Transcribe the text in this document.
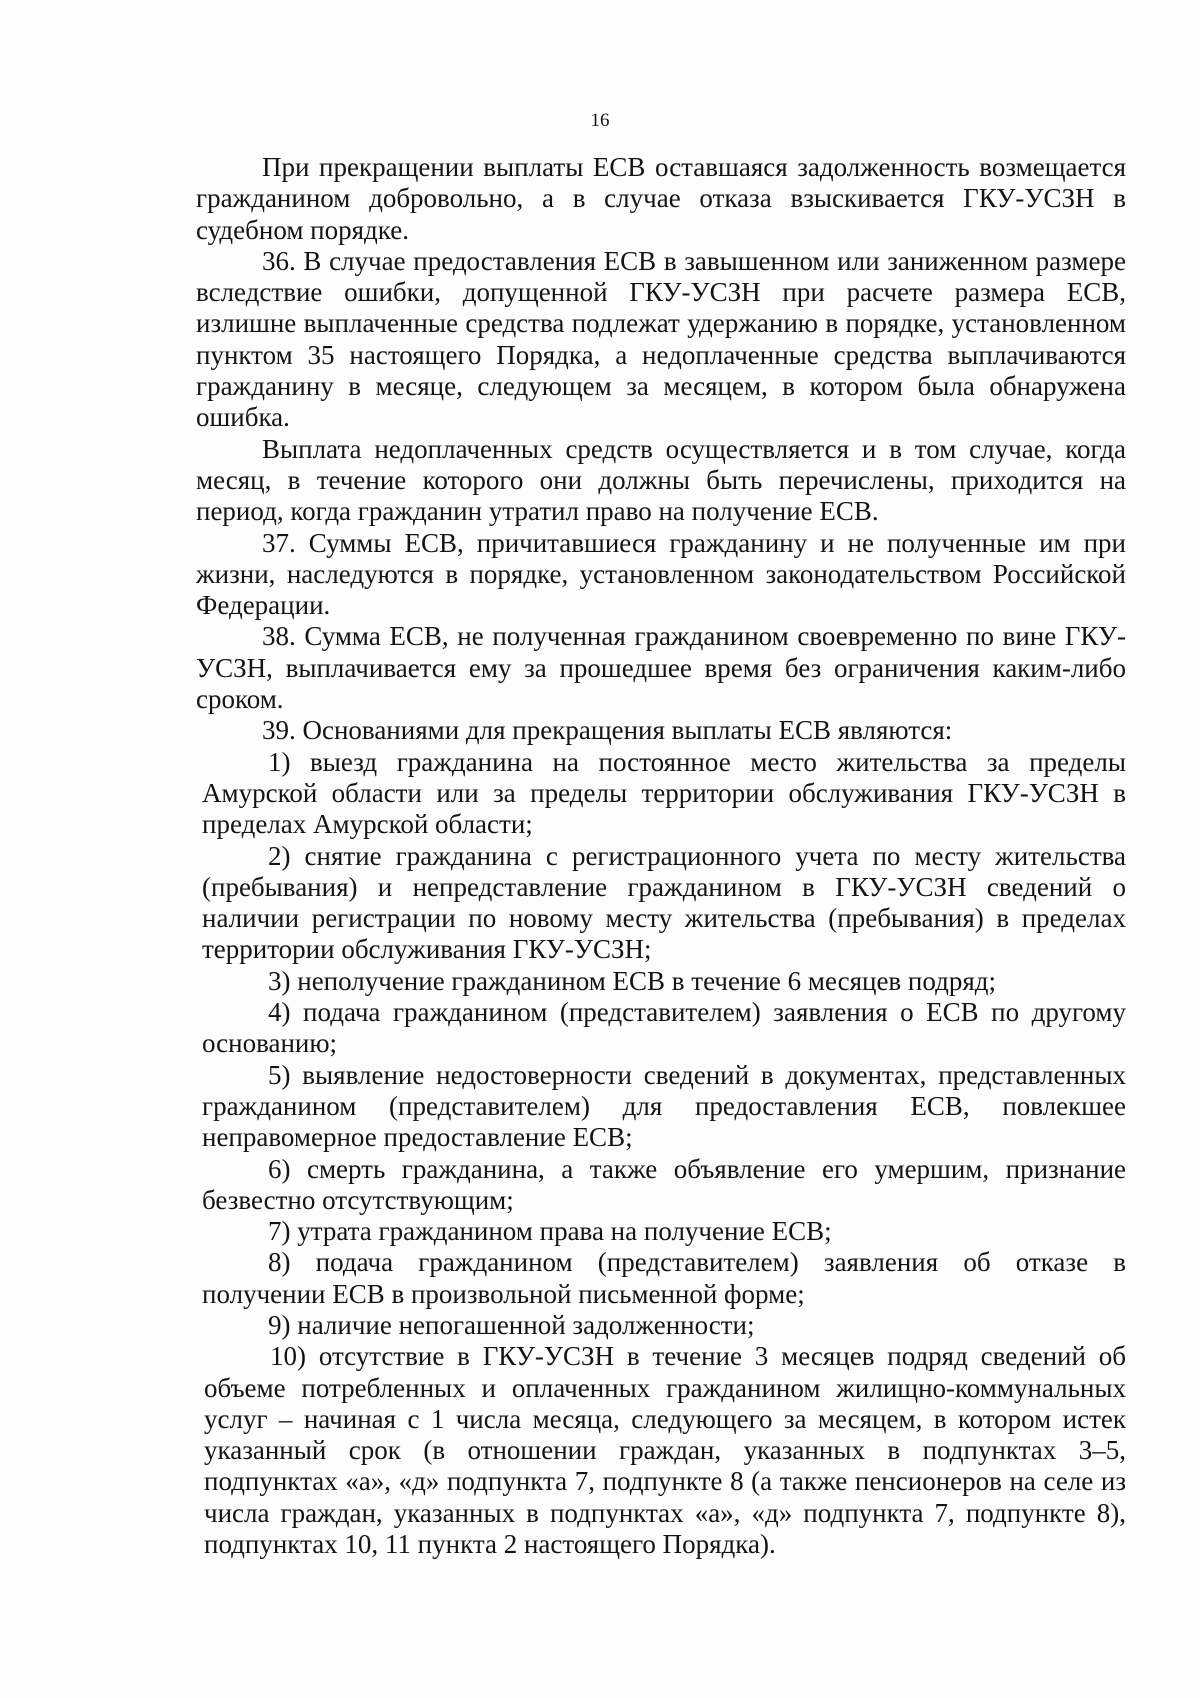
16

При прекращении выплаты ЕСВ оставшаяся задолженность возмещается гражданином добровольно, а в случае отказа взыскивается ГКУ-УСЗН в судебном порядке.

36. В случае предоставления ЕСВ в завышенном или заниженном размере вследствие ошибки, допущенной ГКУ-УСЗН при расчете размера ЕСВ, излишне выплаченные средства подлежат удержанию в порядке, установленном пунктом 35 настоящего Порядка, а недоплаченные средства выплачиваются гражданину в месяце, следующем за месяцем, в котором была обнаружена ошибка.

Выплата недоплаченных средств осуществляется и в том случае, когда месяц, в течение которого они должны быть перечислены, приходится на период, когда гражданин утратил право на получение ЕСВ.

37. Суммы ЕСВ, причитавшиеся гражданину и не полученные им при жизни, наследуются в порядке, установленном законодательством Российской Федерации.

38. Сумма ЕСВ, не полученная гражданином своевременно по вине ГКУ-УСЗН, выплачивается ему за прошедшее время без ограничения каким-либо сроком.

39. Основаниями для прекращения выплаты ЕСВ являются:

1) выезд гражданина на постоянное место жительства за пределы Амурской области или за пределы территории обслуживания ГКУ-УСЗН в пределах Амурской области;

2) снятие гражданина с регистрационного учета по месту жительства (пребывания) и непредставление гражданином в ГКУ-УСЗН сведений о наличии регистрации по новому месту жительства (пребывания) в пределах территории обслуживания ГКУ-УСЗН;

3) неполучение гражданином ЕСВ в течение 6 месяцев подряд;

4) подача гражданином (представителем) заявления о ЕСВ по другому основанию;

5) выявление недостоверности сведений в документах, представленных гражданином (представителем) для предоставления ЕСВ, повлекшее неправомерное предоставление ЕСВ;

6) смерть гражданина, а также объявление его умершим, признание безвестно отсутствующим;

7) утрата гражданином права на получение ЕСВ;

8) подача гражданином (представителем) заявления об отказе в получении ЕСВ в произвольной письменной форме;

9) наличие непогашенной задолженности;

10) отсутствие в ГКУ-УСЗН в течение 3 месяцев подряд сведений об объеме потребленных и оплаченных гражданином жилищно-коммунальных услуг – начиная с 1 числа месяца, следующего за месяцем, в котором истек указанный срок (в отношении граждан, указанных в подпунктах 3–5, подпунктах «а», «д» подпункта 7, подпункте 8 (а также пенсионеров на селе из числа граждан, указанных в подпунктах «а», «д» подпункта 7, подпункте 8), подпунктах 10, 11 пункта 2 настоящего Порядка).
